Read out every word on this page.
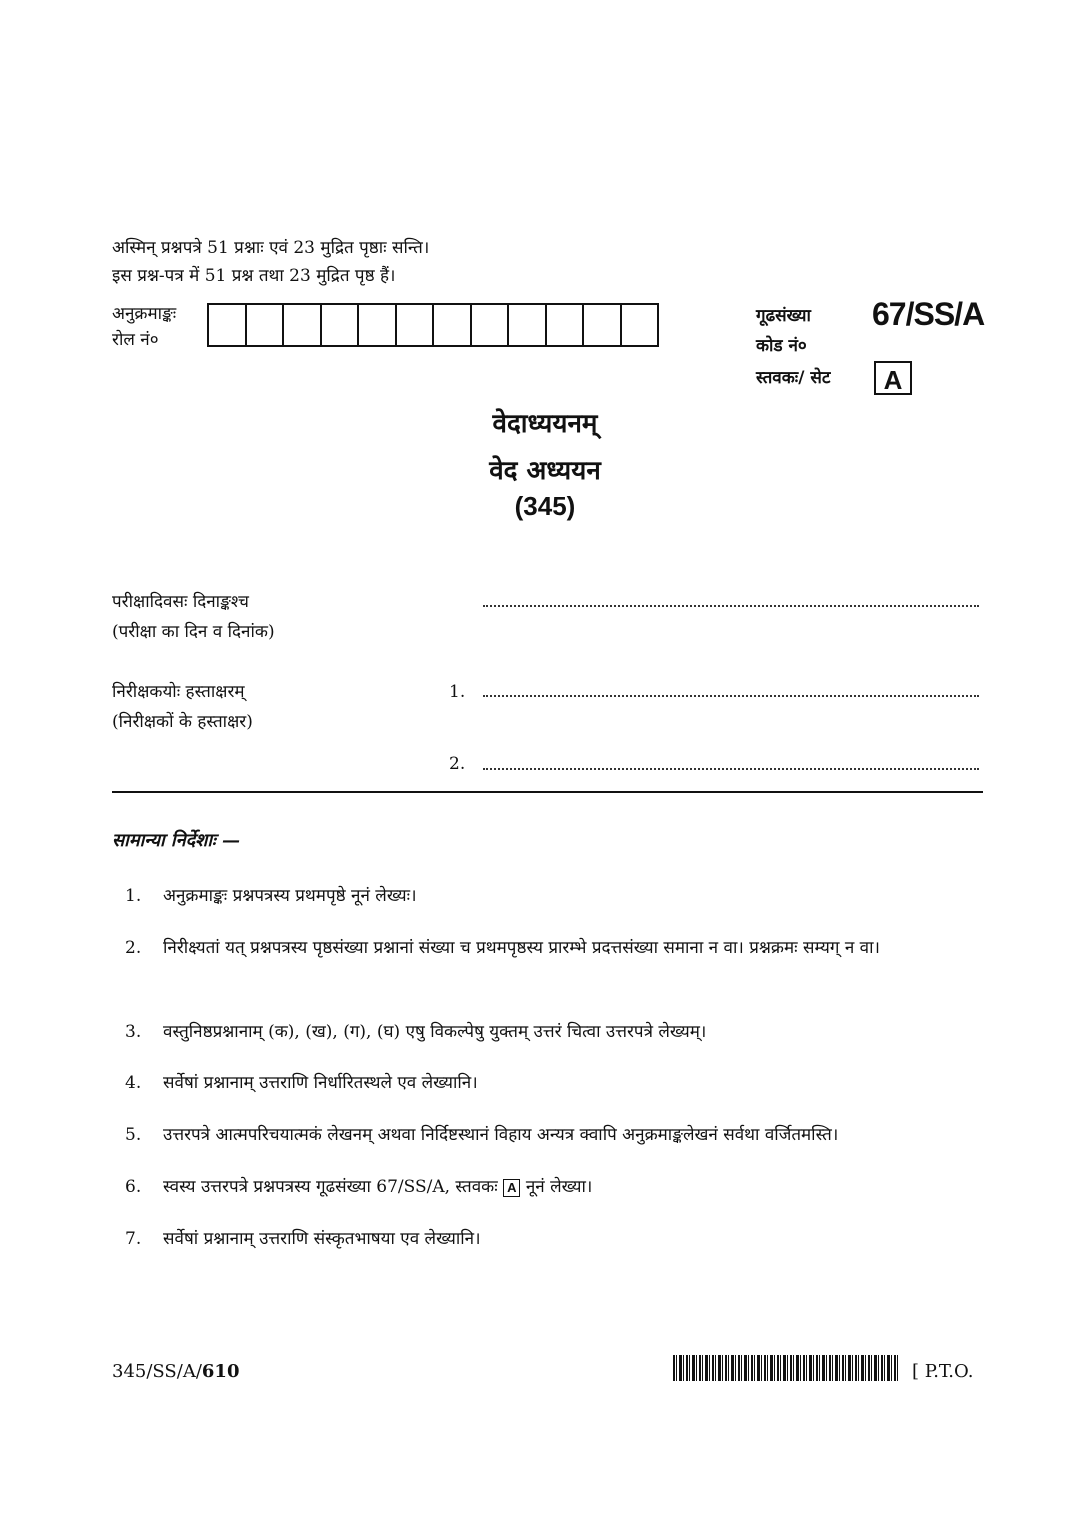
अस्मिन् प्रश्नपत्रे 51 प्रश्नाः एवं 23 मुद्रित पृष्ठाः सन्ति।
इस प्रश्न-पत्र में 51 प्रश्न तथा 23 मुद्रित पृष्ठ हैं।
अनुक्रमाङ्कः
रोल नं०
गूढसंख्या 67/SS/A
कोड नं०
स्तवकः/ सेट	A
वेदाध्ययनम्
वेद अध्ययन
(345)
परीक्षादिवसः दिनाङ्कश्च
(परीक्षा का दिन व दिनांक)
निरीक्षकयोः हस्ताक्षरम्
(निरीक्षकों के हस्ताक्षर)
1.
2.
सामान्या निर्देशाः —
1. अनुक्रमाङ्कः प्रश्नपत्रस्य प्रथमपृष्ठे नूनं लेख्यः।
2. निरीक्ष्यतां यत् प्रश्नपत्रस्य पृष्ठसंख्या प्रश्नानां संख्या च प्रथमपृष्ठस्य प्रारम्भे प्रदत्तसंख्या समाना न वा। प्रश्नक्रमः सम्यग् न वा।
3. वस्तुनिष्ठप्रश्नानाम् (क), (ख), (ग), (घ) एषु विकल्पेषु युक्तम् उत्तरं चित्वा उत्तरपत्रे लेख्यम्।
4. सर्वेषां प्रश्नानाम् उत्तराणि निर्धारितस्थले एव लेख्यानि।
5. उत्तरपत्रे आत्मपरिचयात्मकं लेखनम् अथवा निर्दिष्टस्थानं विहाय अन्यत्र क्वापि अनुक्रमाङ्कलेखनं सर्वथा वर्जितमस्ति।
6. स्वस्य उत्तरपत्रे प्रश्नपत्रस्य गूढसंख्या 67/SS/A, स्तवकः A नूनं लेख्या।
7. सर्वेषां प्रश्नानाम् उत्तराणि संस्कृतभाषया एव लेख्यानि।
345/SS/A/610	[ P.T.O.
